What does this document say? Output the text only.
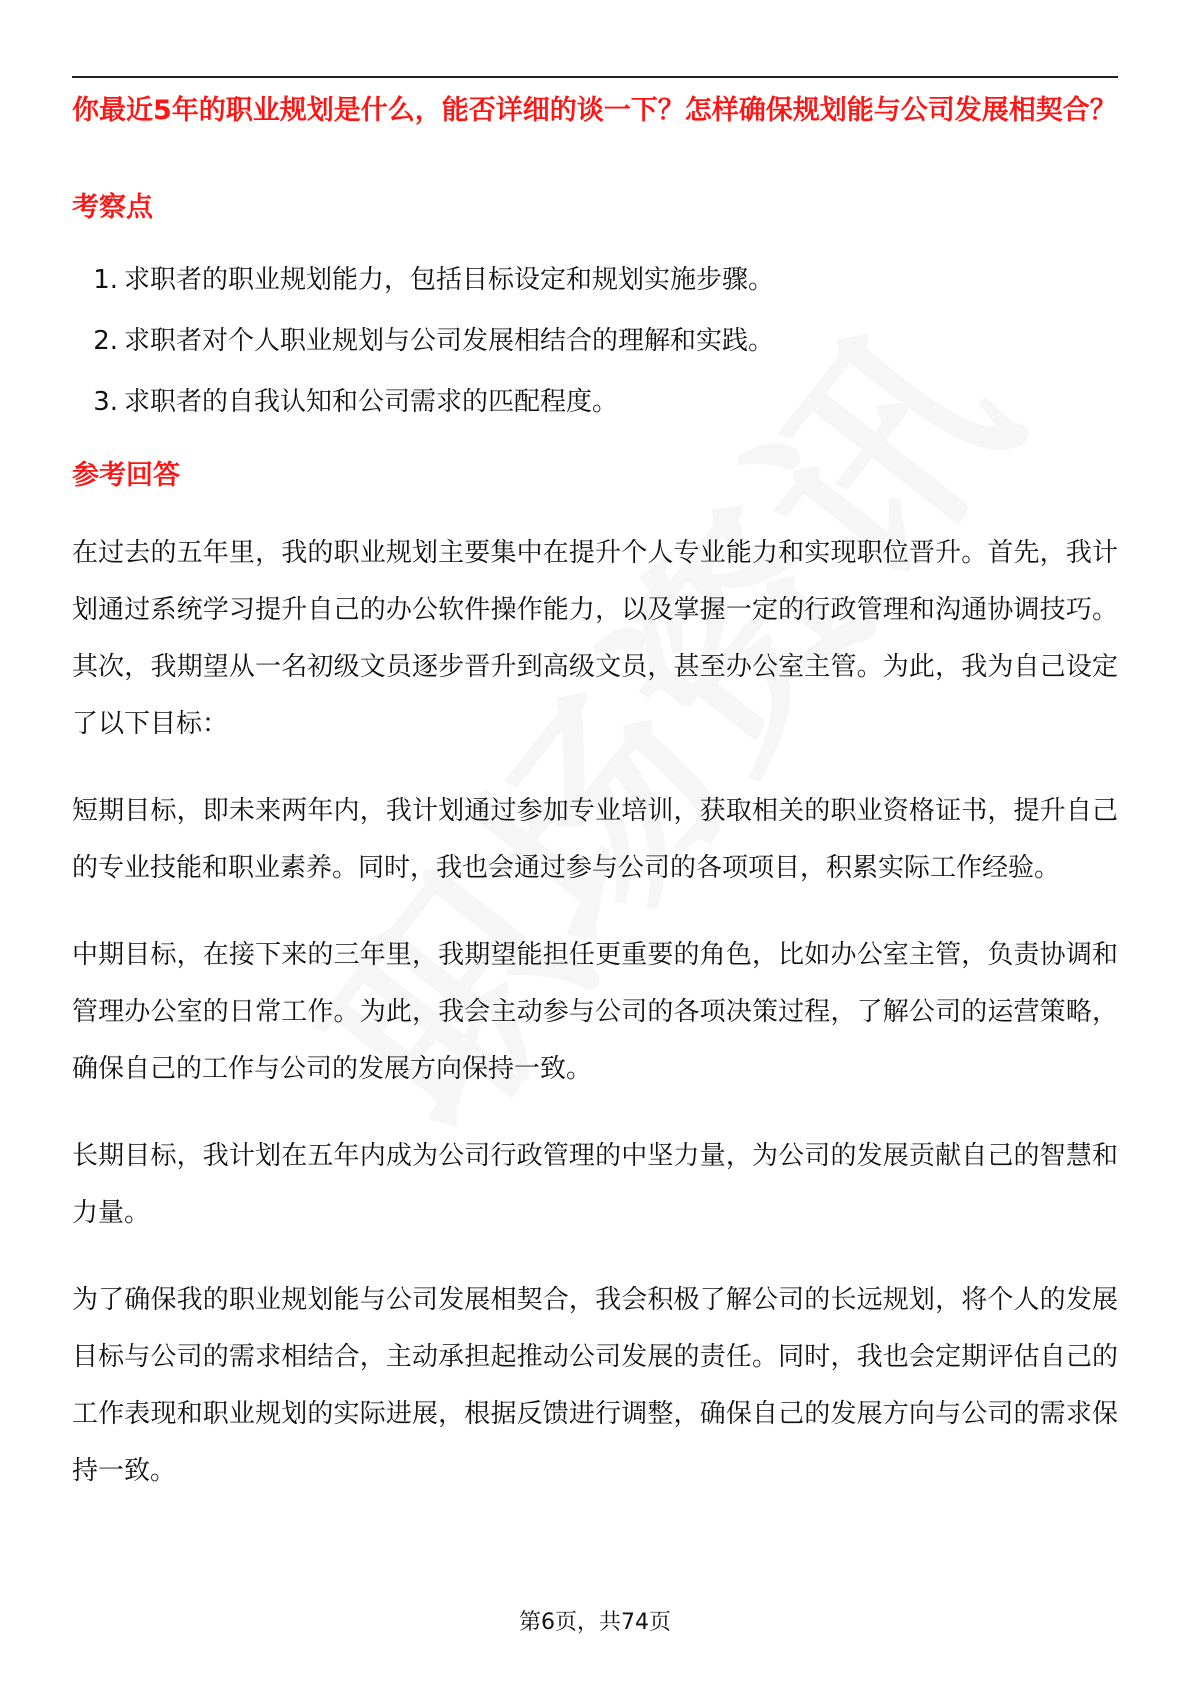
你最近5年的职业规划是什么，能否详细的谈一下？怎样确保规划能与公司发展相契合？
考察点
1. 求职者的职业规划能力，包括目标设定和规划实施步骤。
2. 求职者对个人职业规划与公司发展相结合的理解和实践。
3. 求职者的自我认知和公司需求的匹配程度。
参考回答

在过去的五年里，我的职业规划主要集中在提升个人专业能力和实现职位晋升。首先，我计划通过系统学习提升自己的办公软件操作能力，以及掌握一定的行政管理和沟通协调技巧。其次，我期望从一名初级文员逐步晋升到高级文员，甚至办公室主管。为此，我为自己设定了以下目标：

短期目标，即未来两年内，我计划通过参加专业培训，获取相关的职业资格证书，提升自己的专业技能和职业素养。同时，我也会通过参与公司的各项项目，积累实际工作经验。

中期目标，在接下来的三年里，我期望能担任更重要的角色，比如办公室主管，负责协调和管理办公室的日常工作。为此，我会主动参与公司的各项决策过程，了解公司的运营策略，确保自己的工作与公司的发展方向保持一致。

长期目标，我计划在五年内成为公司行政管理的中坚力量，为公司的发展贡献自己的智慧和力量。

为了确保我的职业规划能与公司发展相契合，我会积极了解公司的长远规划，将个人的发展目标与公司的需求相结合，主动承担起推动公司发展的责任。同时，我也会定期评估自己的工作表现和职业规划的实际进展，根据反馈进行调整，确保自己的发展方向与公司的需求保持一致。

第6页，共74页
